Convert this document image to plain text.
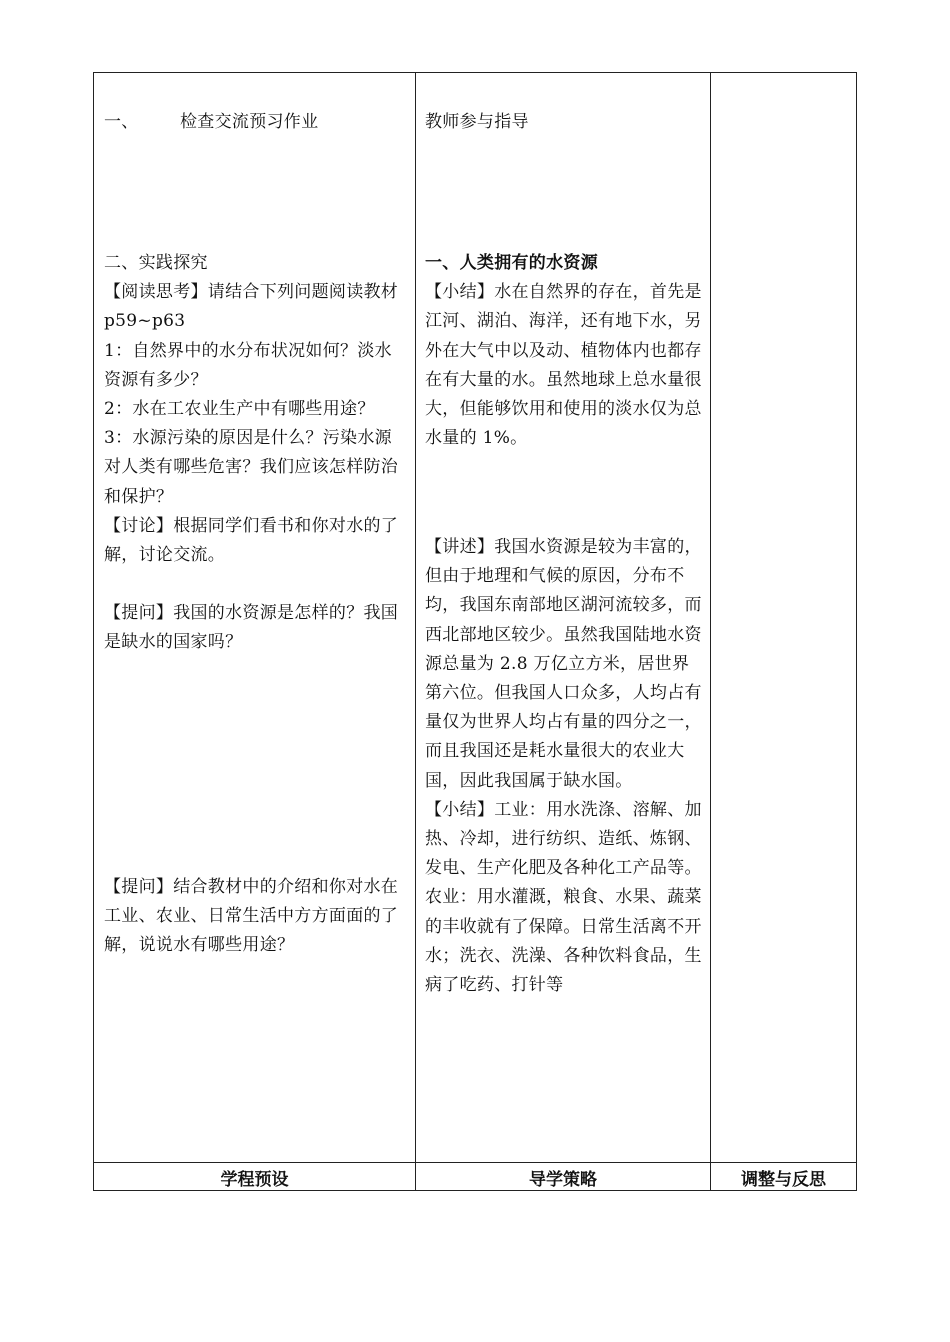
一、 检查交流预习作业

二、实践探究

【阅读思考】请结合下列问题阅读教材 p59~p63

1：自然界中的水分布状况如何？淡水资源有多少？

2：水在工农业生产中有哪些用途？

3：水源污染的原因是什么？污染水源对人类有哪些危害？我们应该怎样防治和保护？

【讨论】根据同学们看书和你对水的了解，讨论交流。

【提问】我国的水资源是怎样的？我国是缺水的国家吗？

【提问】结合教材中的介绍和你对水在工业、农业、日常生活中方方面面的了解，说说水有哪些用途？

教师参与指导

一、人类拥有的水资源

【小结】水在自然界的存在，首先是江河、湖泊、海洋，还有地下水，另外在大气中以及动、植物体内也都存在有大量的水。虽然地球上总水量很大，但能够饮用和使用的淡水仅为总水量的 1%。

【讲述】我国水资源是较为丰富的，但由于地理和气候的原因，分布不均，我国东南部地区湖河流较多，而西北部地区较少。虽然我国陆地水资源总量为 2.8 万亿立方米，居世界第六位。但我国人口众多，人均占有量仅为世界人均占有量的四分之一，而且我国还是耗水量很大的农业大国，因此我国属于缺水国。

【小结】工业：用水洗涤、溶解、加热、冷却，进行纺织、造纸、炼钢、发电、生产化肥及各种化工产品等。农业：用水灌溉，粮食、水果、蔬菜的丰收就有了保障。日常生活离不开水；洗衣、洗澡、各种饮料食品，生病了吃药、打针等

学程预设	导学策略	调整与反思
